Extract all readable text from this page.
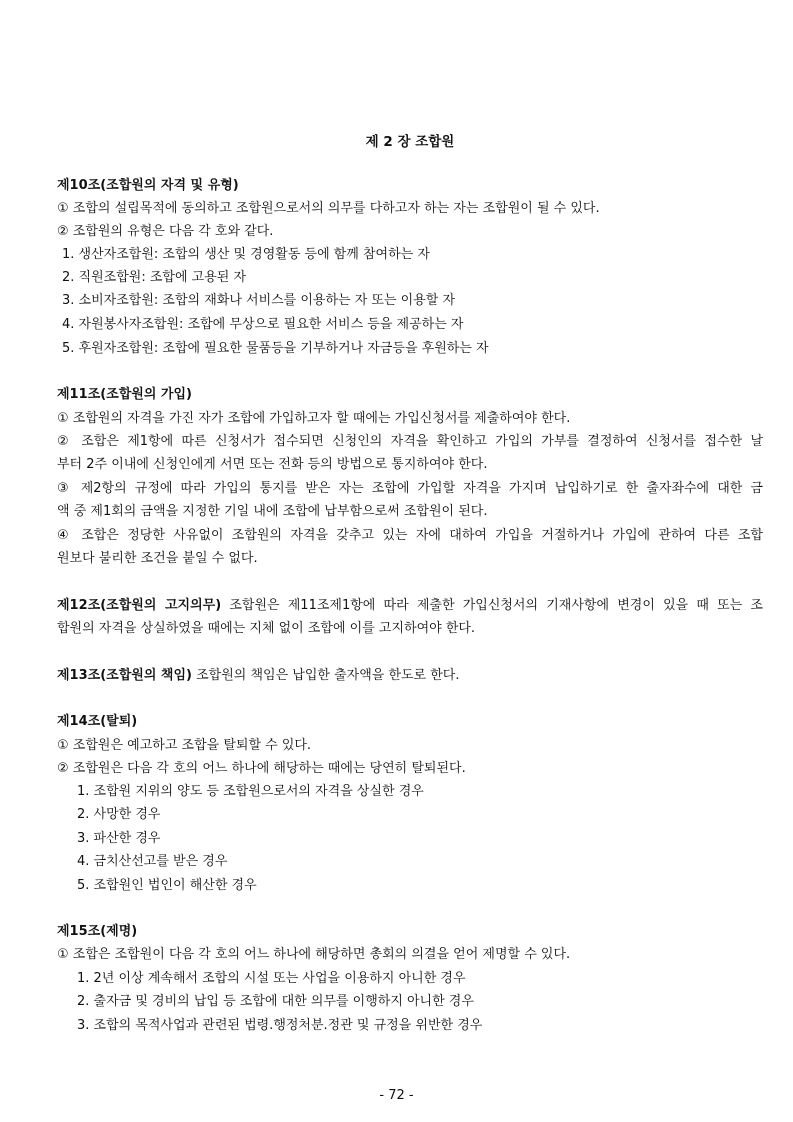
제 2 장 조합원
제10조(조합원의 자격 및 유형)
① 조합의 설립목적에 동의하고 조합원으로서의 의무를 다하고자 하는 자는 조합원이 될 수 있다.
② 조합원의 유형은 다음 각 호와 같다.
1. 생산자조합원: 조합의 생산 및 경영활동 등에 함께 참여하는 자
2. 직원조합원: 조합에 고용된 자
3. 소비자조합원: 조합의 재화나 서비스를 이용하는 자 또는 이용할 자
4. 자원봉사자조합원: 조합에 무상으로 필요한 서비스 등을 제공하는 자
5. 후원자조합원: 조합에 필요한 물품등을 기부하거나 자금등을 후원하는 자
제11조(조합원의 가입)
① 조합원의 자격을 가진 자가 조합에 가입하고자 할 때에는 가입신청서를 제출하여야 한다.
② 조합은 제1항에 따른 신청서가 접수되면 신청인의 자격을 확인하고 가입의 가부를 결정하여 신청서를 접수한 날
부터 2주 이내에 신청인에게 서면 또는 전화 등의 방법으로 통지하여야 한다.
③ 제2항의 규정에 따라 가입의 통지를 받은 자는 조합에 가입할 자격을 가지며 납입하기로 한 출자좌수에 대한 금
액 중 제1회의 금액을 지정한 기일 내에 조합에 납부함으로써 조합원이 된다.
④ 조합은 정당한 사유없이 조합원의 자격을 갖추고 있는 자에 대하여 가입을 거절하거나 가입에 관하여 다른 조합
원보다 불리한 조건을 붙일 수 없다.
제12조(조합원의 고지의무) 조합원은 제11조제1항에 따라 제출한 가입신청서의 기재사항에 변경이 있을 때 또는 조
합원의 자격을 상실하였을 때에는 지체 없이 조합에 이를 고지하여야 한다.
제13조(조합원의 책임) 조합원의 책임은 납입한 출자액을 한도로 한다.
제14조(탈퇴)
① 조합원은 예고하고 조합을 탈퇴할 수 있다.
② 조합원은 다음 각 호의 어느 하나에 해당하는 때에는 당연히 탈퇴된다.
1. 조합원 지위의 양도 등 조합원으로서의 자격을 상실한 경우
2. 사망한 경우
3. 파산한 경우
4. 금치산선고를 받은 경우
5. 조합원인 법인이 해산한 경우
제15조(제명)
① 조합은 조합원이 다음 각 호의 어느 하나에 해당하면 총회의 의결을 얻어 제명할 수 있다.
1. 2년 이상 계속해서 조합의 시설 또는 사업을 이용하지 아니한 경우
2. 출자금 및 경비의 납입 등 조합에 대한 의무를 이행하지 아니한 경우
3. 조합의 목적사업과 관련된 법령.행정처분.정관 및 규정을 위반한 경우
- 72 -
